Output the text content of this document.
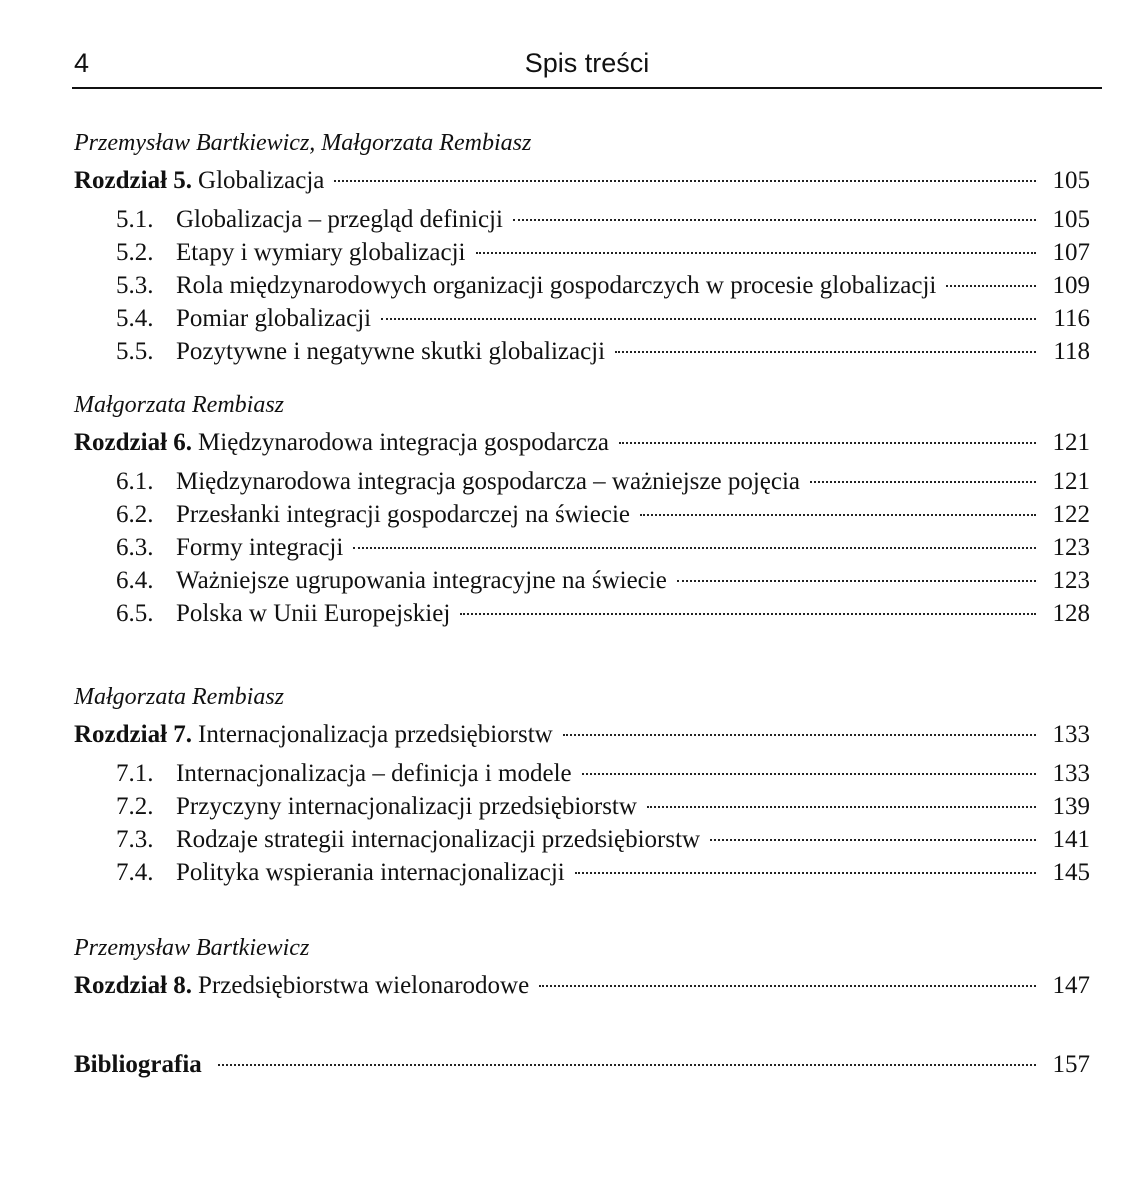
4	Spis treści
Przemysław Bartkiewicz, Małgorzata Rembiasz
Rozdział 5. Globalizacja	105
5.1. Globalizacja – przegląd definicji	105
5.2. Etapy i wymiary globalizacji	107
5.3. Rola międzynarodowych organizacji gospodarczych w procesie globalizacji	109
5.4. Pomiar globalizacji	116
5.5. Pozytywne i negatywne skutki globalizacji	118
Małgorzata Rembiasz
Rozdział 6. Międzynarodowa integracja gospodarcza	121
6.1. Międzynarodowa integracja gospodarcza – ważniejsze pojęcia	121
6.2. Przesłanki integracji gospodarczej na świecie	122
6.3. Formy integracji	123
6.4. Ważniejsze ugrupowania integracyjne na świecie	123
6.5. Polska w Unii Europejskiej	128
Małgorzata Rembiasz
Rozdział 7. Internacjonalizacja przedsiębiorstw	133
7.1. Internacjonalizacja – definicja i modele	133
7.2. Przyczyny internacjonalizacji przedsiębiorstw	139
7.3. Rodzaje strategii internacjonalizacji przedsiębiorstw	141
7.4. Polityka wspierania internacjonalizacji	145
Przemysław Bartkiewicz
Rozdział 8. Przedsiębiorstwa wielonarodowe	147
Bibliografia	157
